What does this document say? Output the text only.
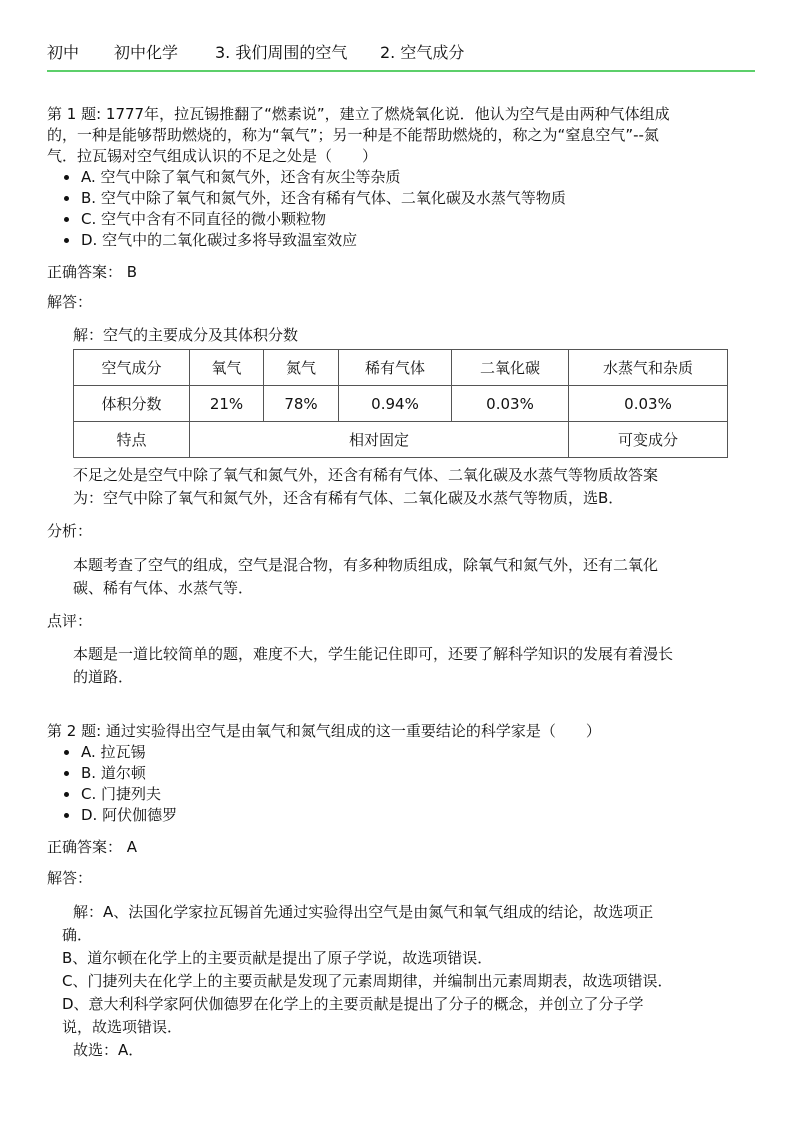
初中 初中化学 3. 我们周围的空气 2. 空气成分
第 1 题: 1777年，拉瓦锡推翻了“燃素说”，建立了燃烧氧化说．他认为空气是由两种气体组成
的，一种是能够帮助燃烧的，称为“氧气”；另一种是不能帮助燃烧的，称之为“窒息空气”--氮
气．拉瓦锡对空气组成认识的不足之处是（　　）
A. 空气中除了氧气和氮气外，还含有灰尘等杂质
B. 空气中除了氧气和氮气外，还含有稀有气体、二氧化碳及水蒸气等物质
C. 空气中含有不同直径的微小颗粒物
D. 空气中的二氧化碳过多将导致温室效应
正确答案： B
解答：
解：空气的主要成分及其体积分数
空气成分	氧气	氮气	稀有气体	二氧化碳	水蒸气和杂质
体积分数	21%	78%	0.94%	0.03%	0.03%
特点	相对固定				可变成分
不足之处是空气中除了氧气和氮气外，还含有稀有气体、二氧化碳及水蒸气等物质故答案
为：空气中除了氧气和氮气外，还含有稀有气体、二氧化碳及水蒸气等物质，选B．
分析：
本题考查了空气的组成，空气是混合物，有多种物质组成，除氧气和氮气外，还有二氧化
碳、稀有气体、水蒸气等．
点评：
本题是一道比较简单的题，难度不大，学生能记住即可，还要了解科学知识的发展有着漫长
的道路．
第 2 题: 通过实验得出空气是由氧气和氮气组成的这一重要结论的科学家是（　　）
A. 拉瓦锡
B. 道尔顿
C. 门捷列夫
D. 阿伏伽德罗
正确答案： A
解答：
解：A、法国化学家拉瓦锡首先通过实验得出空气是由氮气和氧气组成的结论，故选项正
确．
B、道尔顿在化学上的主要贡献是提出了原子学说，故选项错误．
C、门捷列夫在化学上的主要贡献是发现了元素周期律，并编制出元素周期表，故选项错误．
D、意大利科学家阿伏伽德罗在化学上的主要贡献是提出了分子的概念，并创立了分子学
说，故选项错误．
故选：A．
